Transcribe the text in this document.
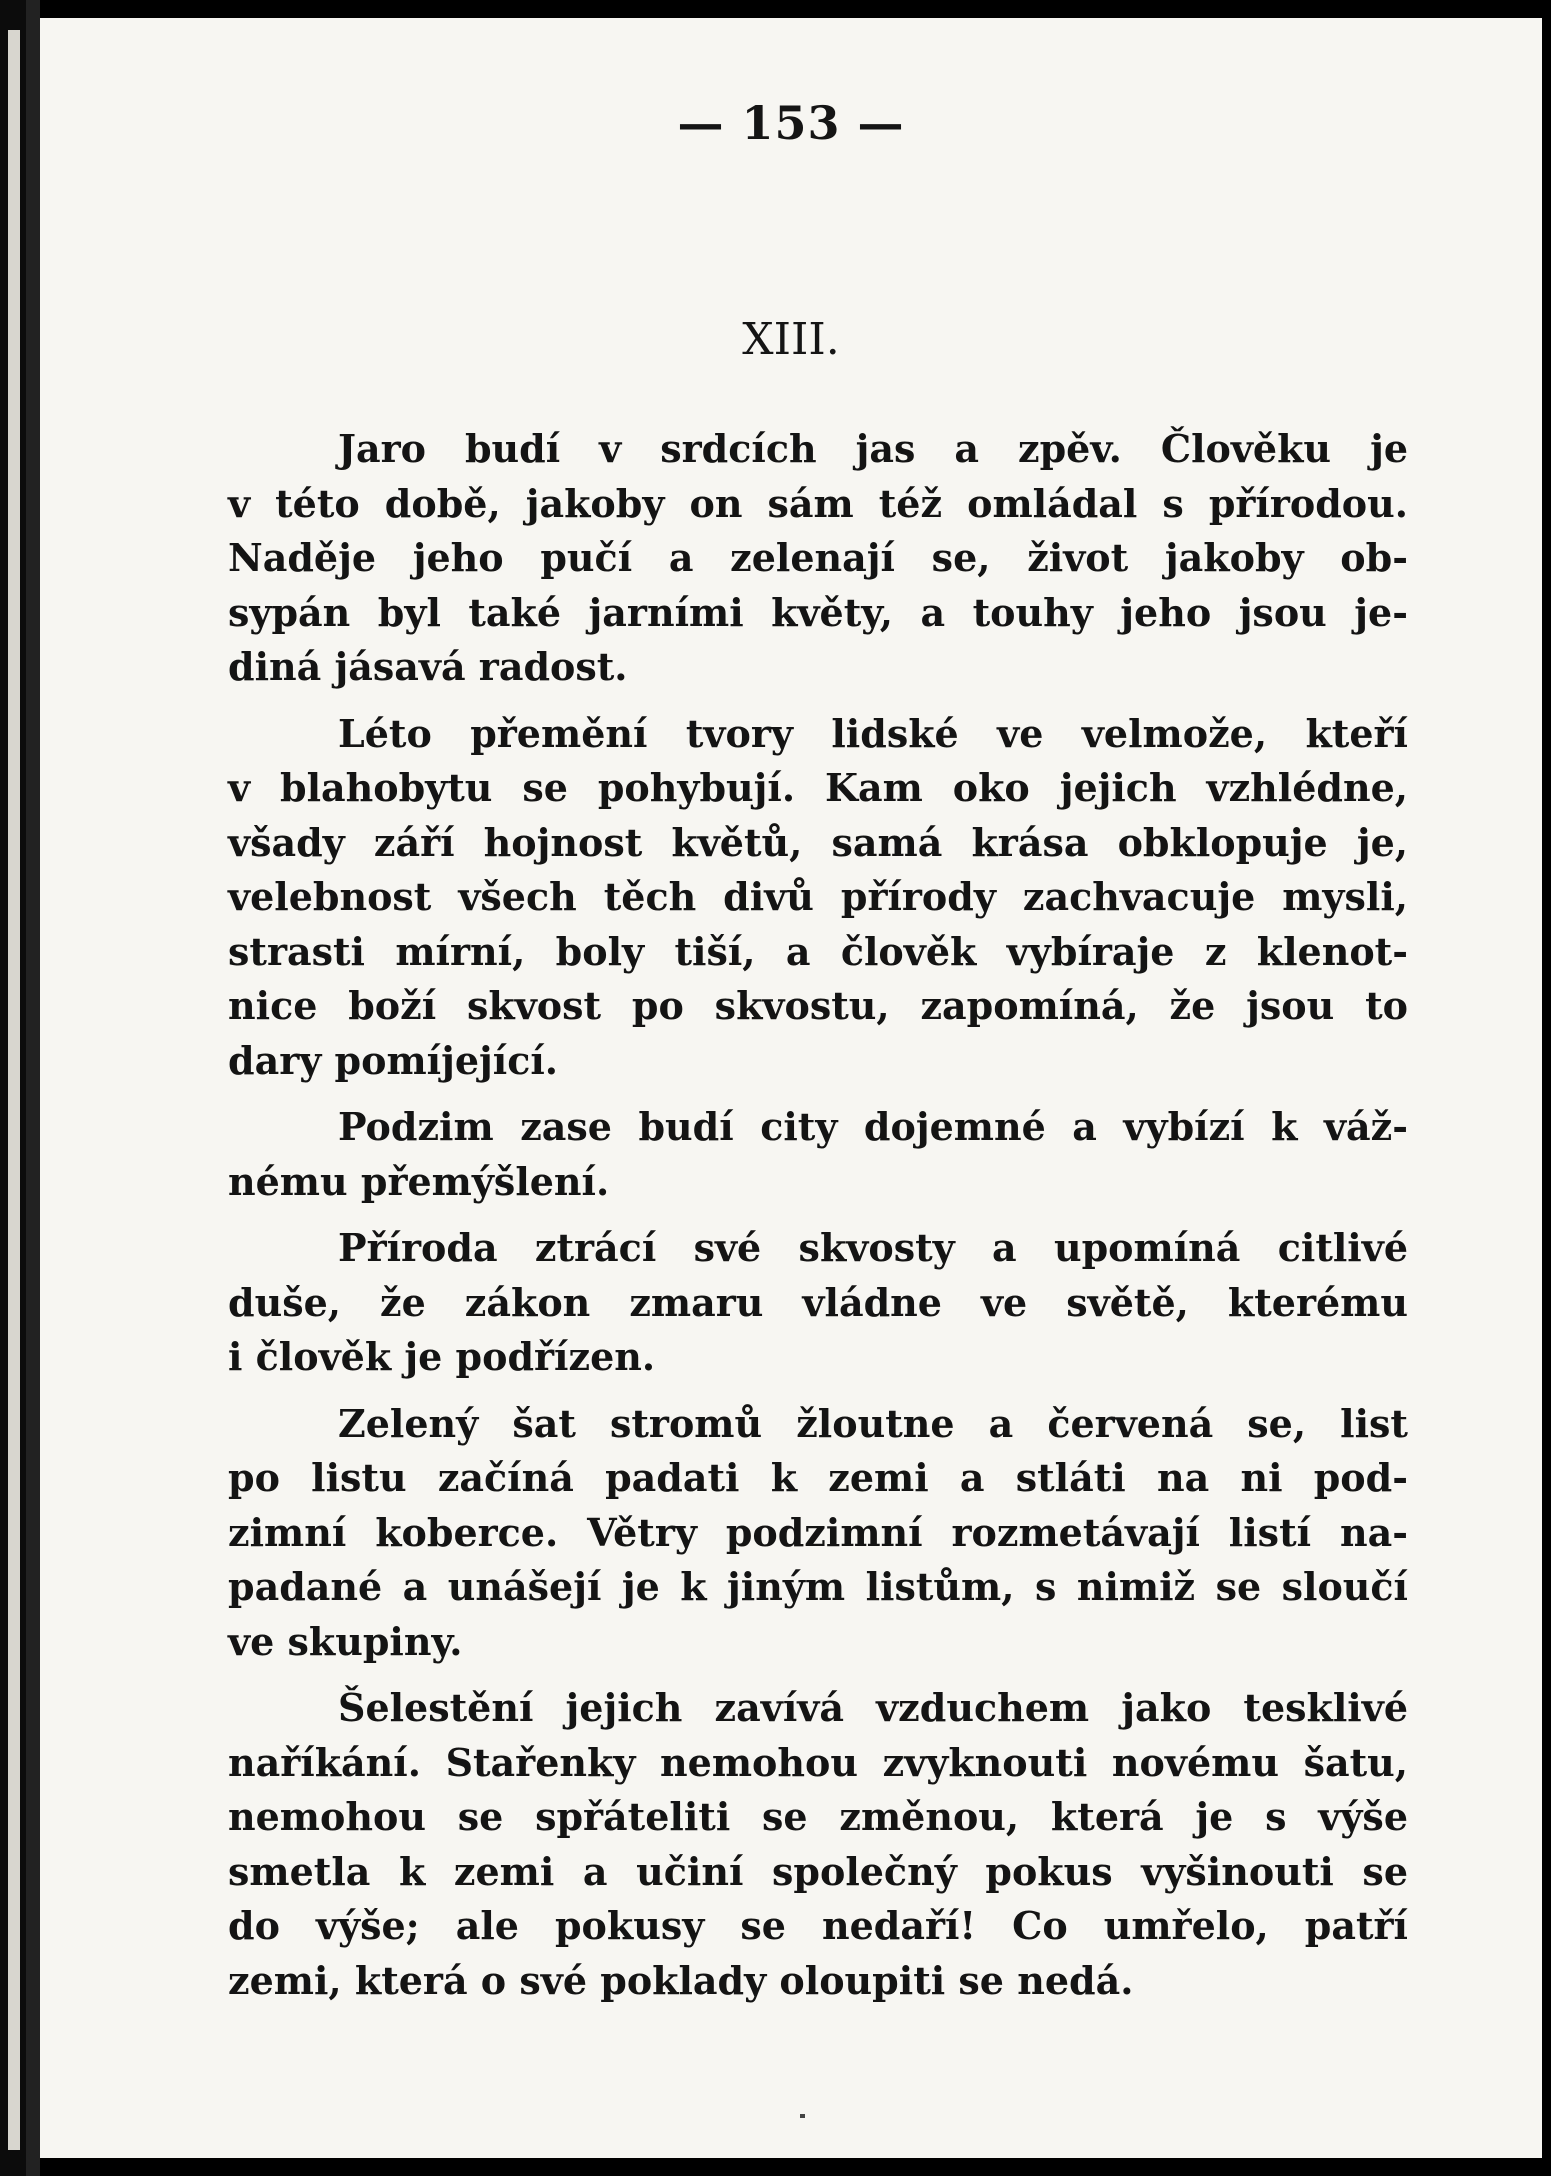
— 153 —
XIII.
Jaro budí v srdcích jas a zpěv. Člověku je
v této době, jakoby on sám též omládal s přírodou.
Naděje jeho pučí a zelenají se, život jakoby ob-
sypán byl také jarními květy, a touhy jeho jsou je-
diná jásavá radost.
Léto přemění tvory lidské ve velmože, kteří
v blahobytu se pohybují. Kam oko jejich vzhlédne,
všady září hojnost květů, samá krása obklopuje je,
velebnost všech těch divů přírody zachvacuje mysli,
strasti mírní, boly tiší, a člověk vybíraje z klenot-
nice boží skvost po skvostu, zapomíná, že jsou to
dary pomíjející.
Podzim zase budí city dojemné a vybízí k váž-
nému přemýšlení.
Příroda ztrácí své skvosty a upomíná citlivé
duše, že zákon zmaru vládne ve světě, kterému
i člověk je podřízen.
Zelený šat stromů žloutne a červená se, list
po listu začíná padati k zemi a stláti na ni pod-
zimní koberce. Větry podzimní rozmetávají listí na-
padané a unášejí je k jiným listům, s nimiž se sloučí
ve skupiny.
Šelestění jejich zavívá vzduchem jako tesklivé
naříkání. Stařenky nemohou zvyknouti novému šatu,
nemohou se spřáteliti se změnou, která je s výše
smetla k zemi a učiní společný pokus vyšinouti se
do výše; ale pokusy se nedaří! Co umřelo, patří
zemi, která o své poklady oloupiti se nedá.
